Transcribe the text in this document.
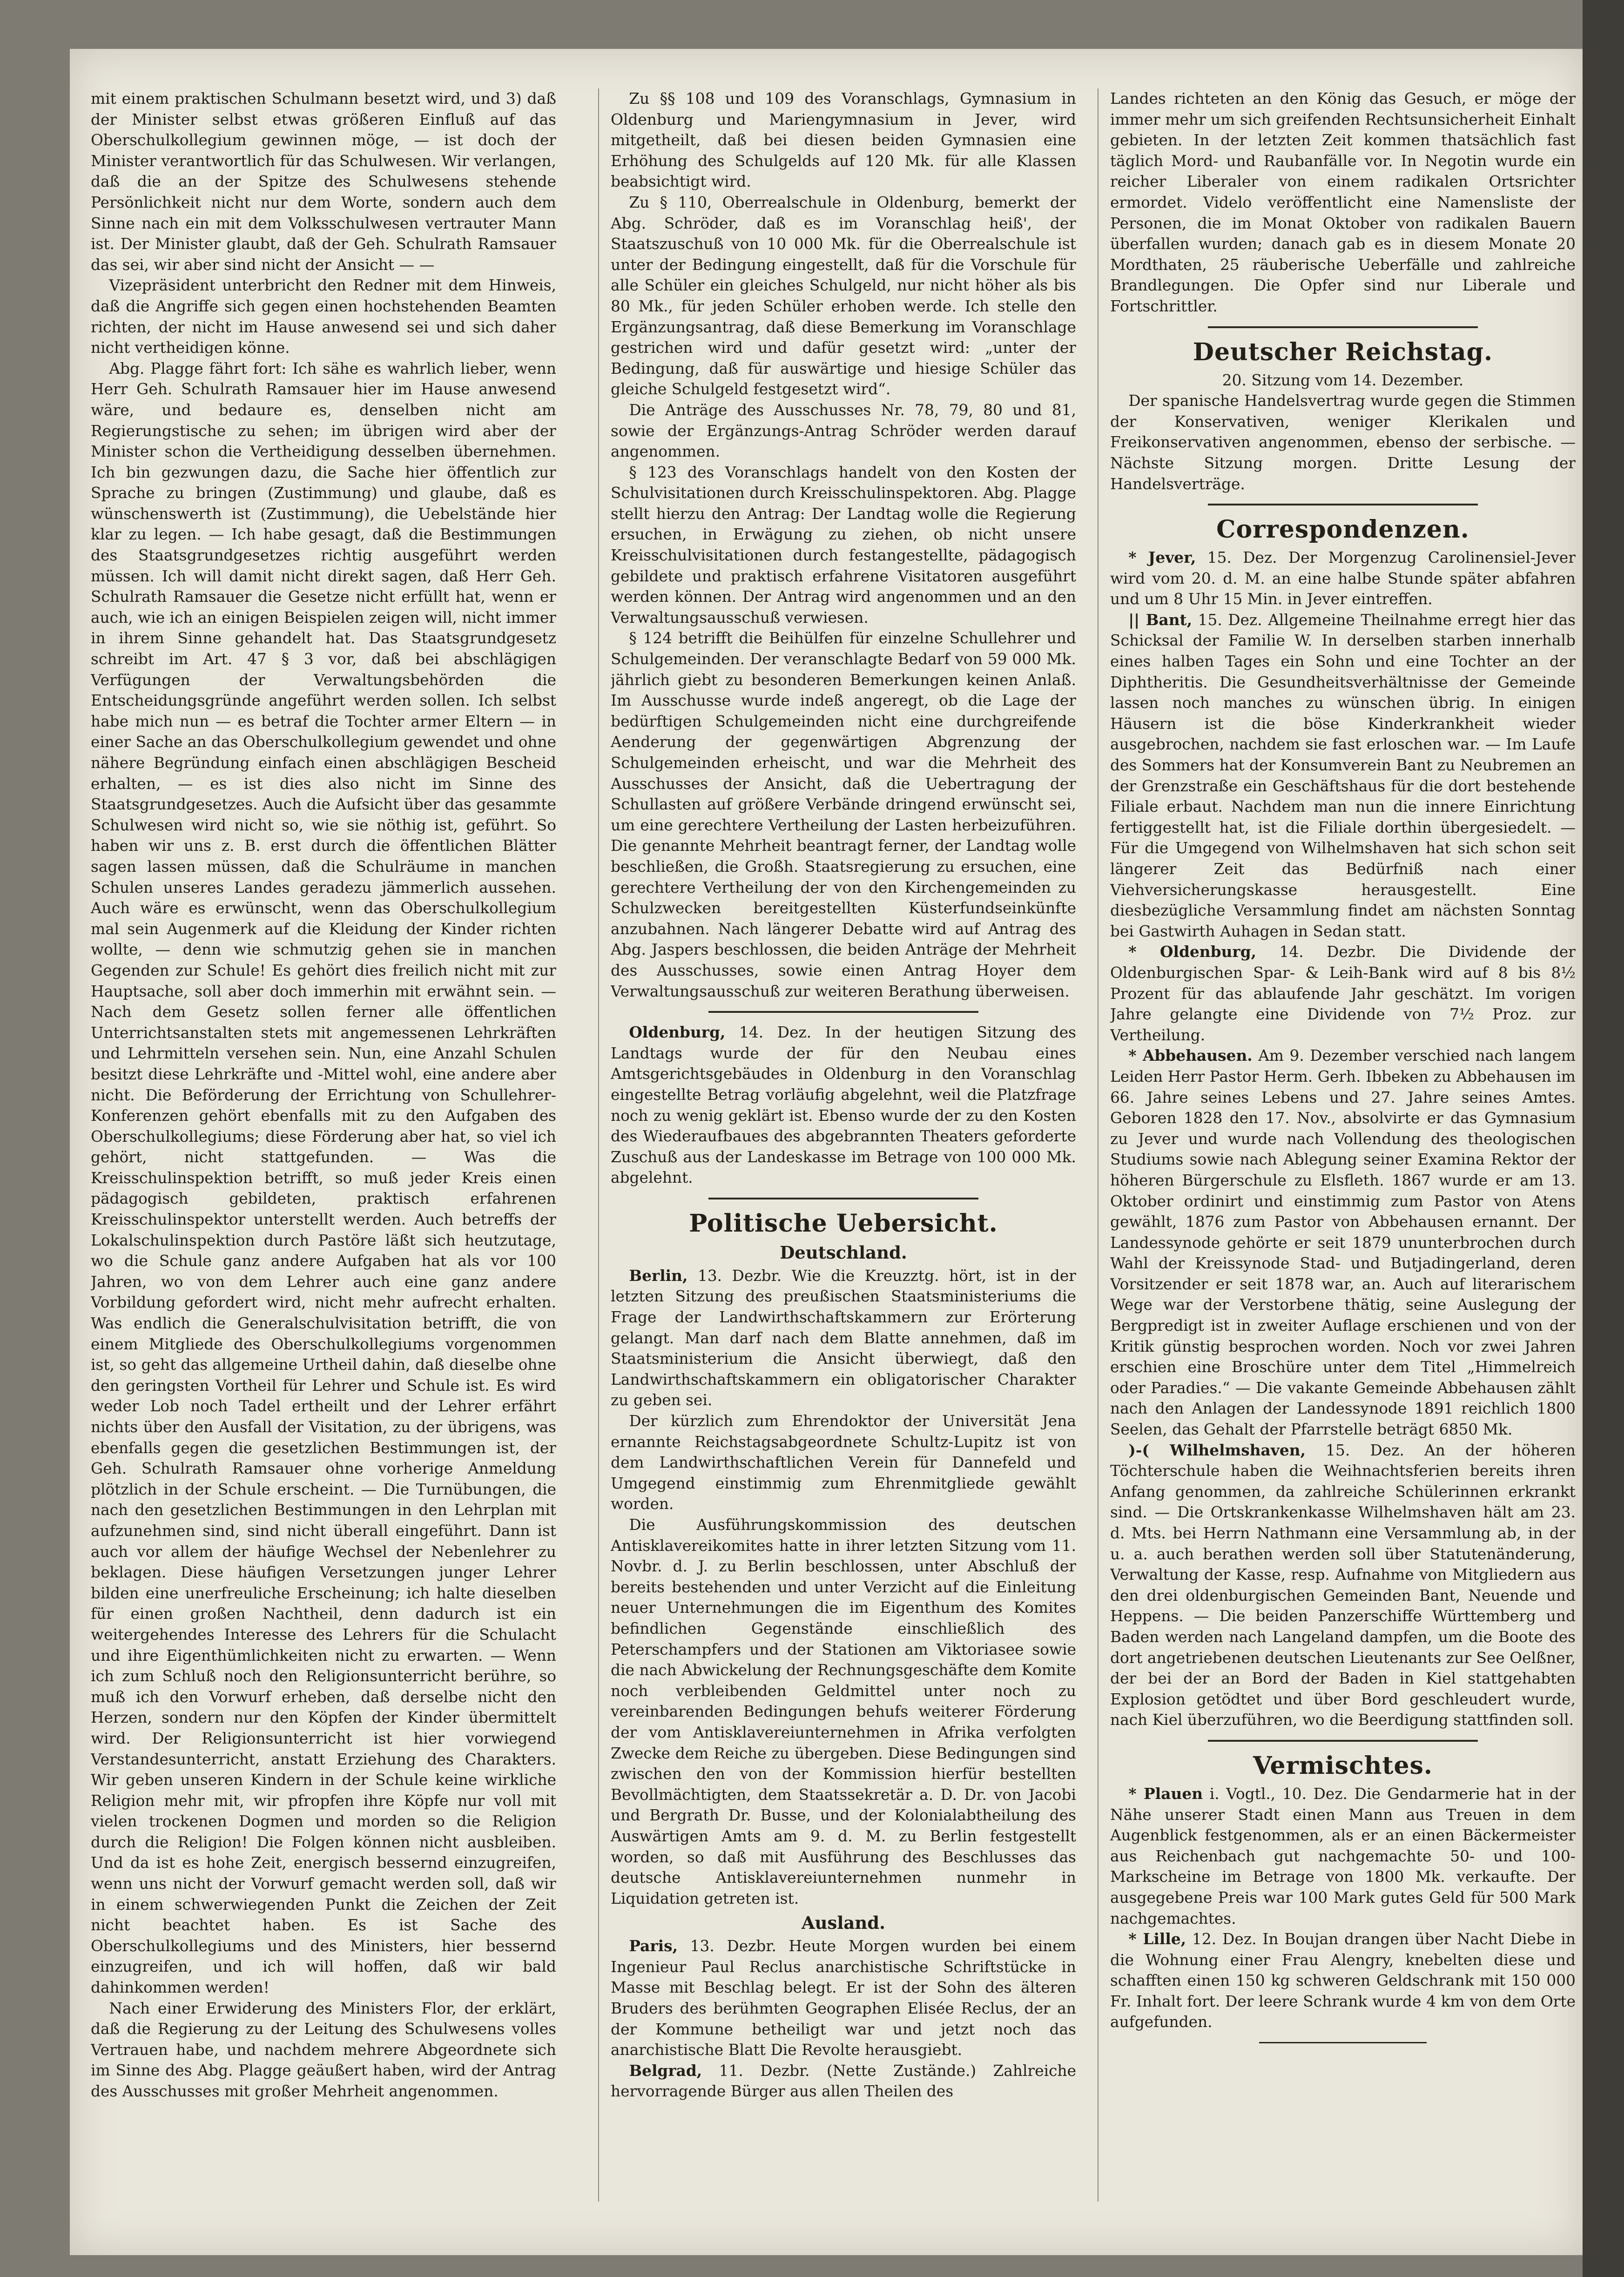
mit einem praktischen Schulmann besetzt wird, und 3) daß der Minister selbst etwas größeren Einfluß auf das Oberschulkollegium gewinnen möge, — ist doch der Minister verantwortlich für das Schulwesen. Wir verlangen, daß die an der Spitze des Schulwesens stehende Persönlichkeit nicht nur dem Worte, sondern auch dem Sinne nach ein mit dem Volksschulwesen vertrauter Mann ist. Der Minister glaubt, daß der Geh. Schulrath Ramsauer das sei, wir aber sind nicht der Ansicht — —

Vizepräsident unterbricht den Redner mit dem Hinweis, daß die Angriffe sich gegen einen hochstehenden Beamten richten, der nicht im Hause anwesend sei und sich daher nicht vertheidigen könne.

Abg. Plagge fährt fort: Ich sähe es wahrlich lieber, wenn Herr Geh. Schulrath Ramsauer hier im Hause anwesend wäre, und bedaure es, denselben nicht am Regierungstische zu sehen; im übrigen wird aber der Minister schon die Vertheidigung desselben übernehmen. Ich bin gezwungen dazu, die Sache hier öffentlich zur Sprache zu bringen (Zustimmung) und glaube, daß es wünschenswerth ist (Zustimmung), die Uebelstände hier klar zu legen. — Ich habe gesagt, daß die Bestimmungen des Staatsgrundgesetzes richtig ausgeführt werden müssen. Ich will damit nicht direkt sagen, daß Herr Geh. Schulrath Ramsauer die Gesetze nicht erfüllt hat, wenn er auch, wie ich an einigen Beispielen zeigen will, nicht immer in ihrem Sinne gehandelt hat. Das Staatsgrundgesetz schreibt im Art. 47 § 3 vor, daß bei abschlägigen Verfügungen der Verwaltungsbehörden die Entscheidungsgründe angeführt werden sollen. Ich selbst habe mich nun — es betraf die Tochter armer Eltern — in einer Sache an das Oberschulkollegium gewendet und ohne nähere Begründung einfach einen abschlägigen Bescheid erhalten, — es ist dies also nicht im Sinne des Staatsgrundgesetzes. Auch die Aufsicht über das gesammte Schulwesen wird nicht so, wie sie nöthig ist, geführt. So haben wir uns z. B. erst durch die öffentlichen Blätter sagen lassen müssen, daß die Schulräume in manchen Schulen unseres Landes geradezu jämmerlich aussehen. Auch wäre es erwünscht, wenn das Oberschulkollegium mal sein Augenmerk auf die Kleidung der Kinder richten wollte, — denn wie schmutzig gehen sie in manchen Gegenden zur Schule! Es gehört dies freilich nicht mit zur Hauptsache, soll aber doch immerhin mit erwähnt sein. — Nach dem Gesetz sollen ferner alle öffentlichen Unterrichtsanstalten stets mit angemessenen Lehrkräften und Lehrmitteln versehen sein. Nun, eine Anzahl Schulen besitzt diese Lehrkräfte und -Mittel wohl, eine andere aber nicht. Die Beförderung der Errichtung von Schullehrer-Konferenzen gehört ebenfalls mit zu den Aufgaben des Oberschulkollegiums; diese Förderung aber hat, so viel ich gehört, nicht stattgefunden. — Was die Kreisschulinspektion betrifft, so muß jeder Kreis einen pädagogisch gebildeten, praktisch erfahrenen Kreisschulinspektor unterstellt werden. Auch betreffs der Lokalschulinspektion durch Pastöre läßt sich heutzutage, wo die Schule ganz andere Aufgaben hat als vor 100 Jahren, wo von dem Lehrer auch eine ganz andere Vorbildung gefordert wird, nicht mehr aufrecht erhalten. Was endlich die Generalschulvisitation betrifft, die von einem Mitgliede des Oberschulkollegiums vorgenommen ist, so geht das allgemeine Urtheil dahin, daß dieselbe ohne den geringsten Vortheil für Lehrer und Schule ist. Es wird weder Lob noch Tadel ertheilt und der Lehrer erfährt nichts über den Ausfall der Visitation, zu der übrigens, was ebenfalls gegen die gesetzlichen Bestimmungen ist, der Geh. Schulrath Ramsauer ohne vorherige Anmeldung plötzlich in der Schule erscheint. — Die Turnübungen, die nach den gesetzlichen Bestimmungen in den Lehrplan mit aufzunehmen sind, sind nicht überall eingeführt. Dann ist auch vor allem der häufige Wechsel der Nebenlehrer zu beklagen. Diese häufigen Versetzungen junger Lehrer bilden eine unerfreuliche Erscheinung; ich halte dieselben für einen großen Nachtheil, denn dadurch ist ein weitergehendes Interesse des Lehrers für die Schulacht und ihre Eigenthümlichkeiten nicht zu erwarten. — Wenn ich zum Schluß noch den Religionsunterricht berühre, so muß ich den Vorwurf erheben, daß derselbe nicht den Herzen, sondern nur den Köpfen der Kinder übermittelt wird. Der Religionsunterricht ist hier vorwiegend Verstandesunterricht, anstatt Erziehung des Charakters. Wir geben unseren Kindern in der Schule keine wirkliche Religion mehr mit, wir pfropfen ihre Köpfe nur voll mit vielen trockenen Dogmen und morden so die Religion durch die Religion! Die Folgen können nicht ausbleiben. Und da ist es hohe Zeit, energisch bessernd einzugreifen, wenn uns nicht der Vorwurf gemacht werden soll, daß wir in einem schwerwiegenden Punkt die Zeichen der Zeit nicht beachtet haben. Es ist Sache des Oberschulkollegiums und des Ministers, hier bessernd einzugreifen, und ich will hoffen, daß wir bald dahinkommen werden!

Nach einer Erwiderung des Ministers Flor, der erklärt, daß die Regierung zu der Leitung des Schulwesens volles Vertrauen habe, und nachdem mehrere Abgeordnete sich im Sinne des Abg. Plagge geäußert haben, wird der Antrag des Ausschusses mit großer Mehrheit angenommen.

Zu §§ 108 und 109 des Voranschlags, Gymnasium in Oldenburg und Mariengymnasium in Jever, wird mitgetheilt, daß bei diesen beiden Gymnasien eine Erhöhung des Schulgelds auf 120 Mk. für alle Klassen beabsichtigt wird.

Zu § 110, Oberrealschule in Oldenburg, bemerkt der Abg. Schröder, daß es im Voranschlag heiß', der Staatszuschuß von 10 000 Mk. für die Oberrealschule ist unter der Bedingung eingestellt, daß für die Vorschule für alle Schüler ein gleiches Schulgeld, nur nicht höher als bis 80 Mk., für jeden Schüler erhoben werde. Ich stelle den Ergänzungsantrag, daß diese Bemerkung im Voranschlage gestrichen wird und dafür gesetzt wird: „unter der Bedingung, daß für auswärtige und hiesige Schüler das gleiche Schulgeld festgesetzt wird“.

Die Anträge des Ausschusses Nr. 78, 79, 80 und 81, sowie der Ergänzungs-Antrag Schröder werden darauf angenommen.

§ 123 des Voranschlags handelt von den Kosten der Schulvisitationen durch Kreisschulinspektoren. Abg. Plagge stellt hierzu den Antrag: Der Landtag wolle die Regierung ersuchen, in Erwägung zu ziehen, ob nicht unsere Kreisschulvisitationen durch festangestellte, pädagogisch gebildete und praktisch erfahrene Visitatoren ausgeführt werden können. Der Antrag wird angenommen und an den Verwaltungsausschuß verwiesen.

§ 124 betrifft die Beihülfen für einzelne Schullehrer und Schulgemeinden. Der veranschlagte Bedarf von 59 000 Mk. jährlich giebt zu besonderen Bemerkungen keinen Anlaß. Im Ausschusse wurde indeß angeregt, ob die Lage der bedürftigen Schulgemeinden nicht eine durchgreifende Aenderung der gegenwärtigen Abgrenzung der Schulgemeinden erheischt, und war die Mehrheit des Ausschusses der Ansicht, daß die Uebertragung der Schullasten auf größere Verbände dringend erwünscht sei, um eine gerechtere Vertheilung der Lasten herbeizuführen. Die genannte Mehrheit beantragt ferner, der Landtag wolle beschließen, die Großh. Staatsregierung zu ersuchen, eine gerechtere Vertheilung der von den Kirchengemeinden zu Schulzwecken bereitgestellten Küsterfundseinkünfte anzubahnen. Nach längerer Debatte wird auf Antrag des Abg. Jaspers beschlossen, die beiden Anträge der Mehrheit des Ausschusses, sowie einen Antrag Hoyer dem Verwaltungsausschuß zur weiteren Berathung überweisen.

Oldenburg, 14. Dez. In der heutigen Sitzung des Landtags wurde der für den Neubau eines Amtsgerichtsgebäudes in Oldenburg in den Voranschlag eingestellte Betrag vorläufig abgelehnt, weil die Platzfrage noch zu wenig geklärt ist. Ebenso wurde der zu den Kosten des Wiederaufbaues des abgebrannten Theaters geforderte Zuschuß aus der Landeskasse im Betrage von 100 000 Mk. abgelehnt.

Politische Uebersicht.
Deutschland.

Berlin, 13. Dezbr. Wie die Kreuzztg. hört, ist in der letzten Sitzung des preußischen Staatsministeriums die Frage der Landwirthschaftskammern zur Erörterung gelangt. Man darf nach dem Blatte annehmen, daß im Staatsministerium die Ansicht überwiegt, daß den Landwirthschaftskammern ein obligatorischer Charakter zu geben sei.

Der kürzlich zum Ehrendoktor der Universität Jena ernannte Reichstagsabgeordnete Schultz-Lupitz ist von dem Landwirthschaftlichen Verein für Dannefeld und Umgegend einstimmig zum Ehrenmitgliede gewählt worden.

Die Ausführungskommission des deutschen Antisklavereikomites hatte in ihrer letzten Sitzung vom 11. Novbr. d. J. zu Berlin beschlossen, unter Abschluß der bereits bestehenden und unter Verzicht auf die Einleitung neuer Unternehmungen die im Eigenthum des Komites befindlichen Gegenstände einschließlich des Peterschampfers und der Stationen am Viktoriasee sowie die nach Abwickelung der Rechnungsgeschäfte dem Komite noch verbleibenden Geldmittel unter noch zu vereinbarenden Bedingungen behufs weiterer Förderung der vom Antisklavereiunternehmen in Afrika verfolgten Zwecke dem Reiche zu übergeben. Diese Bedingungen sind zwischen den von der Kommission hierfür bestellten Bevollmächtigten, dem Staatssekretär a. D. Dr. von Jacobi und Bergrath Dr. Busse, und der Kolonialabtheilung des Auswärtigen Amts am 9. d. M. zu Berlin festgestellt worden, so daß mit Ausführung des Beschlusses das deutsche Antisklavereiunternehmen nunmehr in Liquidation getreten ist.

Ausland.

Paris, 13. Dezbr. Heute Morgen wurden bei einem Ingenieur Paul Reclus anarchistische Schriftstücke in Masse mit Beschlag belegt. Er ist der Sohn des älteren Bruders des berühmten Geographen Elisée Reclus, der an der Kommune betheiligt war und jetzt noch das anarchistische Blatt Die Revolte herausgiebt.

Belgrad, 11. Dezbr. (Nette Zustände.) Zahlreiche hervorragende Bürger aus allen Theilen des

Landes richteten an den König das Gesuch, er möge der immer mehr um sich greifenden Rechtsunsicherheit Einhalt gebieten. In der letzten Zeit kommen thatsächlich fast täglich Mord- und Raubanfälle vor. In Negotin wurde ein reicher Liberaler von einem radikalen Ortsrichter ermordet. Videlo veröffentlicht eine Namensliste der Personen, die im Monat Oktober von radikalen Bauern überfallen wurden; danach gab es in diesem Monate 20 Mordthaten, 25 räuberische Ueberfälle und zahlreiche Brandlegungen. Die Opfer sind nur Liberale und Fortschrittler.

Deutscher Reichstag.

20. Sitzung vom 14. Dezember.

Der spanische Handelsvertrag wurde gegen die Stimmen der Konservativen, weniger Klerikalen und Freikonservativen angenommen, ebenso der serbische. — Nächste Sitzung morgen. Dritte Lesung der Handelsverträge.

Correspondenzen.

* Jever, 15. Dez. Der Morgenzug Carolinensiel-Jever wird vom 20. d. M. an eine halbe Stunde später abfahren und um 8 Uhr 15 Min. in Jever eintreffen.

|| Bant, 15. Dez. Allgemeine Theilnahme erregt hier das Schicksal der Familie W. In derselben starben innerhalb eines halben Tages ein Sohn und eine Tochter an der Diphtheritis. Die Gesundheitsverhältnisse der Gemeinde lassen noch manches zu wünschen übrig. In einigen Häusern ist die böse Kinderkrankheit wieder ausgebrochen, nachdem sie fast erloschen war. — Im Laufe des Sommers hat der Konsumverein Bant zu Neubremen an der Grenzstraße ein Geschäftshaus für die dort bestehende Filiale erbaut. Nachdem man nun die innere Einrichtung fertiggestellt hat, ist die Filiale dorthin übergesiedelt. — Für die Umgegend von Wilhelmshaven hat sich schon seit längerer Zeit das Bedürfniß nach einer Viehversicherungskasse herausgestellt. Eine diesbezügliche Versammlung findet am nächsten Sonntag bei Gastwirth Auhagen in Sedan statt.

* Oldenburg, 14. Dezbr. Die Dividende der Oldenburgischen Spar- & Leih-Bank wird auf 8 bis 8½ Prozent für das ablaufende Jahr geschätzt. Im vorigen Jahre gelangte eine Dividende von 7½ Proz. zur Vertheilung.

* Abbehausen. Am 9. Dezember verschied nach langem Leiden Herr Pastor Herm. Gerh. Ibbeken zu Abbehausen im 66. Jahre seines Lebens und 27. Jahre seines Amtes. Geboren 1828 den 17. Nov., absolvirte er das Gymnasium zu Jever und wurde nach Vollendung des theologischen Studiums sowie nach Ablegung seiner Examina Rektor der höheren Bürgerschule zu Elsfleth. 1867 wurde er am 13. Oktober ordinirt und einstimmig zum Pastor von Atens gewählt, 1876 zum Pastor von Abbehausen ernannt. Der Landessynode gehörte er seit 1879 ununterbrochen durch Wahl der Kreissynode Stad- und Butjadingerland, deren Vorsitzender er seit 1878 war, an. Auch auf literarischem Wege war der Verstorbene thätig, seine Auslegung der Bergpredigt ist in zweiter Auflage erschienen und von der Kritik günstig besprochen worden. Noch vor zwei Jahren erschien eine Broschüre unter dem Titel „Himmelreich oder Paradies.“ — Die vakante Gemeinde Abbehausen zählt nach den Anlagen der Landessynode 1891 reichlich 1800 Seelen, das Gehalt der Pfarrstelle beträgt 6850 Mk.

)-( Wilhelmshaven, 15. Dez. An der höheren Töchterschule haben die Weihnachtsferien bereits ihren Anfang genommen, da zahlreiche Schülerinnen erkrankt sind. — Die Ortskrankenkasse Wilhelmshaven hält am 23. d. Mts. bei Herrn Nathmann eine Versammlung ab, in der u. a. auch berathen werden soll über Statutenänderung, Verwaltung der Kasse, resp. Aufnahme von Mitgliedern aus den drei oldenburgischen Gemeinden Bant, Neuende und Heppens. — Die beiden Panzerschiffe Württemberg und Baden werden nach Langeland dampfen, um die Boote des dort angetriebenen deutschen Lieutenants zur See Oelßner, der bei der an Bord der Baden in Kiel stattgehabten Explosion getödtet und über Bord geschleudert wurde, nach Kiel überzuführen, wo die Beerdigung stattfinden soll.

Vermischtes.

* Plauen i. Vogtl., 10. Dez. Die Gendarmerie hat in der Nähe unserer Stadt einen Mann aus Treuen in dem Augenblick festgenommen, als er an einen Bäckermeister aus Reichenbach gut nachgemachte 50- und 100-Markscheine im Betrage von 1800 Mk. verkaufte. Der ausgegebene Preis war 100 Mark gutes Geld für 500 Mark nachgemachtes.

* Lille, 12. Dez. In Boujan drangen über Nacht Diebe in die Wohnung einer Frau Alengry, knebelten diese und schafften einen 150 kg schweren Geldschrank mit 150 000 Fr. Inhalt fort. Der leere Schrank wurde 4 km von dem Orte aufgefunden.
